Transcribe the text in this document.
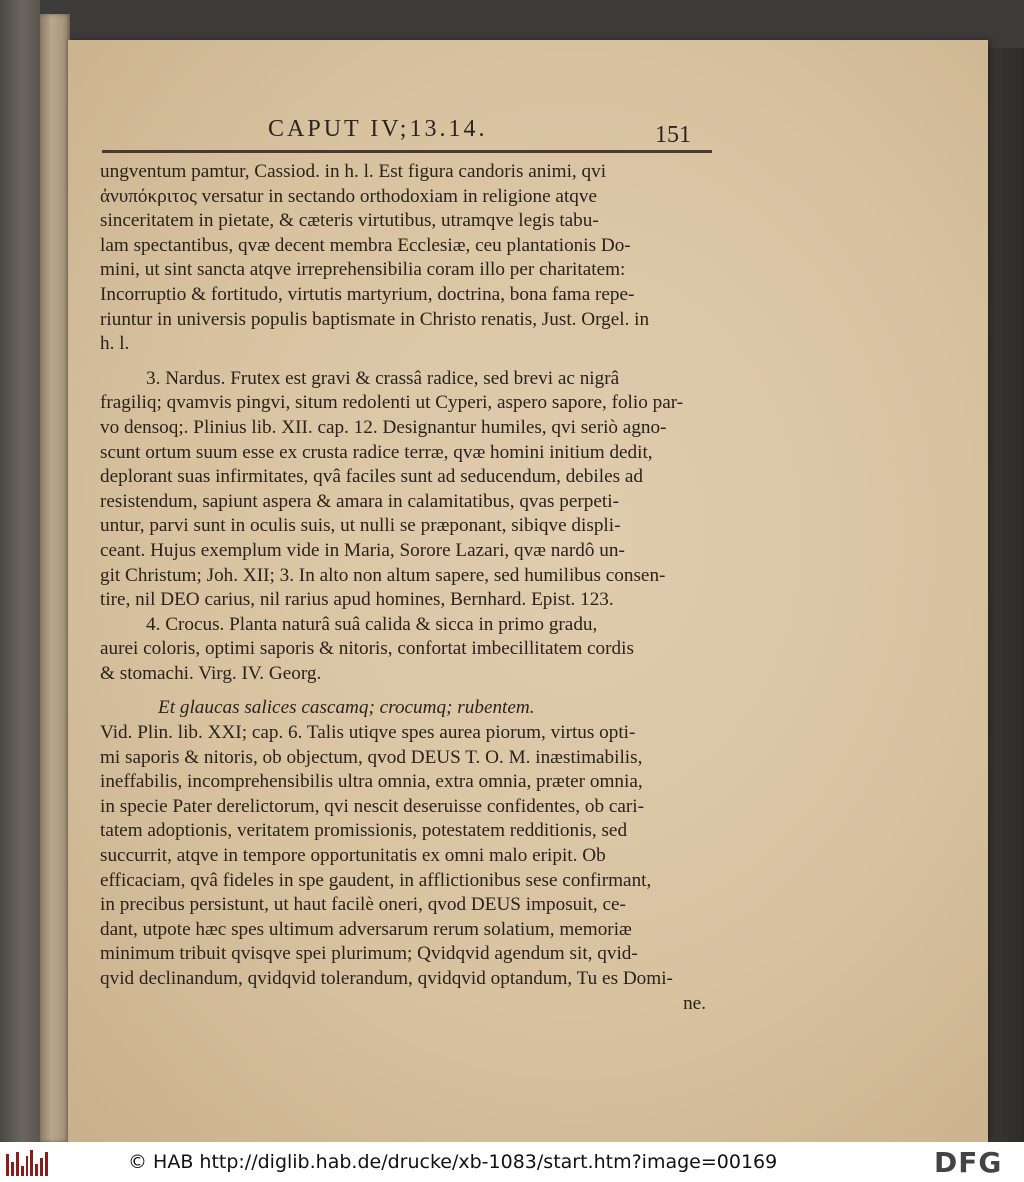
CAPUT IV;13.14.	151
ungventum pamtur, Cassiod. in h. l. Est figura candoris animi, qvi
ἀνυπόκριτος versatur in sectando orthodoxiam in religione atqve
sinceritatem in pietate, & cæteris virtutibus, utramqve legis tabu-
lam spectantibus, qvæ decent membra Ecclesiæ, ceu plantationis Do-
mini, ut sint sancta atqve irreprehensibilia coram illo per charitatem:
Incorruptio & fortitudo, virtutis martyrium, doctrina, bona fama repe-
riuntur in universis populis baptismate in Christo renatis, Just. Orgel. in
h. l.
3. Nardus. Frutex est gravi & crassâ radice, sed brevi ac nigrâ
fragiliq; qvamvis pingvi, situm redolenti ut Cyperi, aspero sapore, folio par-
vo densoq;. Plinius lib. XII. cap. 12. Designantur humiles, qvi seriò agno-
scunt ortum suum esse ex crusta radice terræ, qvæ homini initium dedit,
deplorant suas infirmitates, qvâ faciles sunt ad seducendum, debiles ad
resistendum, sapiunt aspera & amara in calamitatibus, qvas perpeti-
untur, parvi sunt in oculis suis, ut nulli se præponant, sibiqve displi-
ceant. Hujus exemplum vide in Maria, Sorore Lazari, qvæ nardô un-
git Christum; Joh. XII; 3. In alto non altum sapere, sed humilibus consen-
tire, nil DEO carius, nil rarius apud homines, Bernhard. Epist. 123.
4. Crocus. Planta naturâ suâ calida & sicca in primo gradu,
aurei coloris, optimi saporis & nitoris, confortat imbecillitatem cordis
& stomachi. Virg. IV. Georg.
Et glaucas salices cascamq; crocumq; rubentem.
Vid. Plin. lib. XXI; cap. 6. Talis utiqve spes aurea piorum, virtus opti-
mi saporis & nitoris, ob objectum, qvod DEUS T. O. M. inæstimabilis,
ineffabilis, incomprehensibilis ultra omnia, extra omnia, præter omnia,
in specie Pater derelictorum, qvi nescit deseruisse confidentes, ob cari-
tatem adoptionis, veritatem promissionis, potestatem redditionis, sed
succurrit, atqve in tempore opportunitatis ex omni malo eripit. Ob
efficaciam, qvâ fideles in spe gaudent, in afflictionibus sese confirmant,
in precibus persistunt, ut haut facilè oneri, qvod DEUS imposuit, ce-
dant, utpote hæc spes ultimum adversarum rerum solatium, memoriæ
minimum tribuit qvisqve spei plurimum; Qvidqvid agendum sit, qvid-
qvid declinandum, qvidqvid tolerandum, qvidqvid optandum, Tu es Domi-
ne.
© HAB http://diglib.hab.de/drucke/xb-1083/start.htm?image=00169	DFG
